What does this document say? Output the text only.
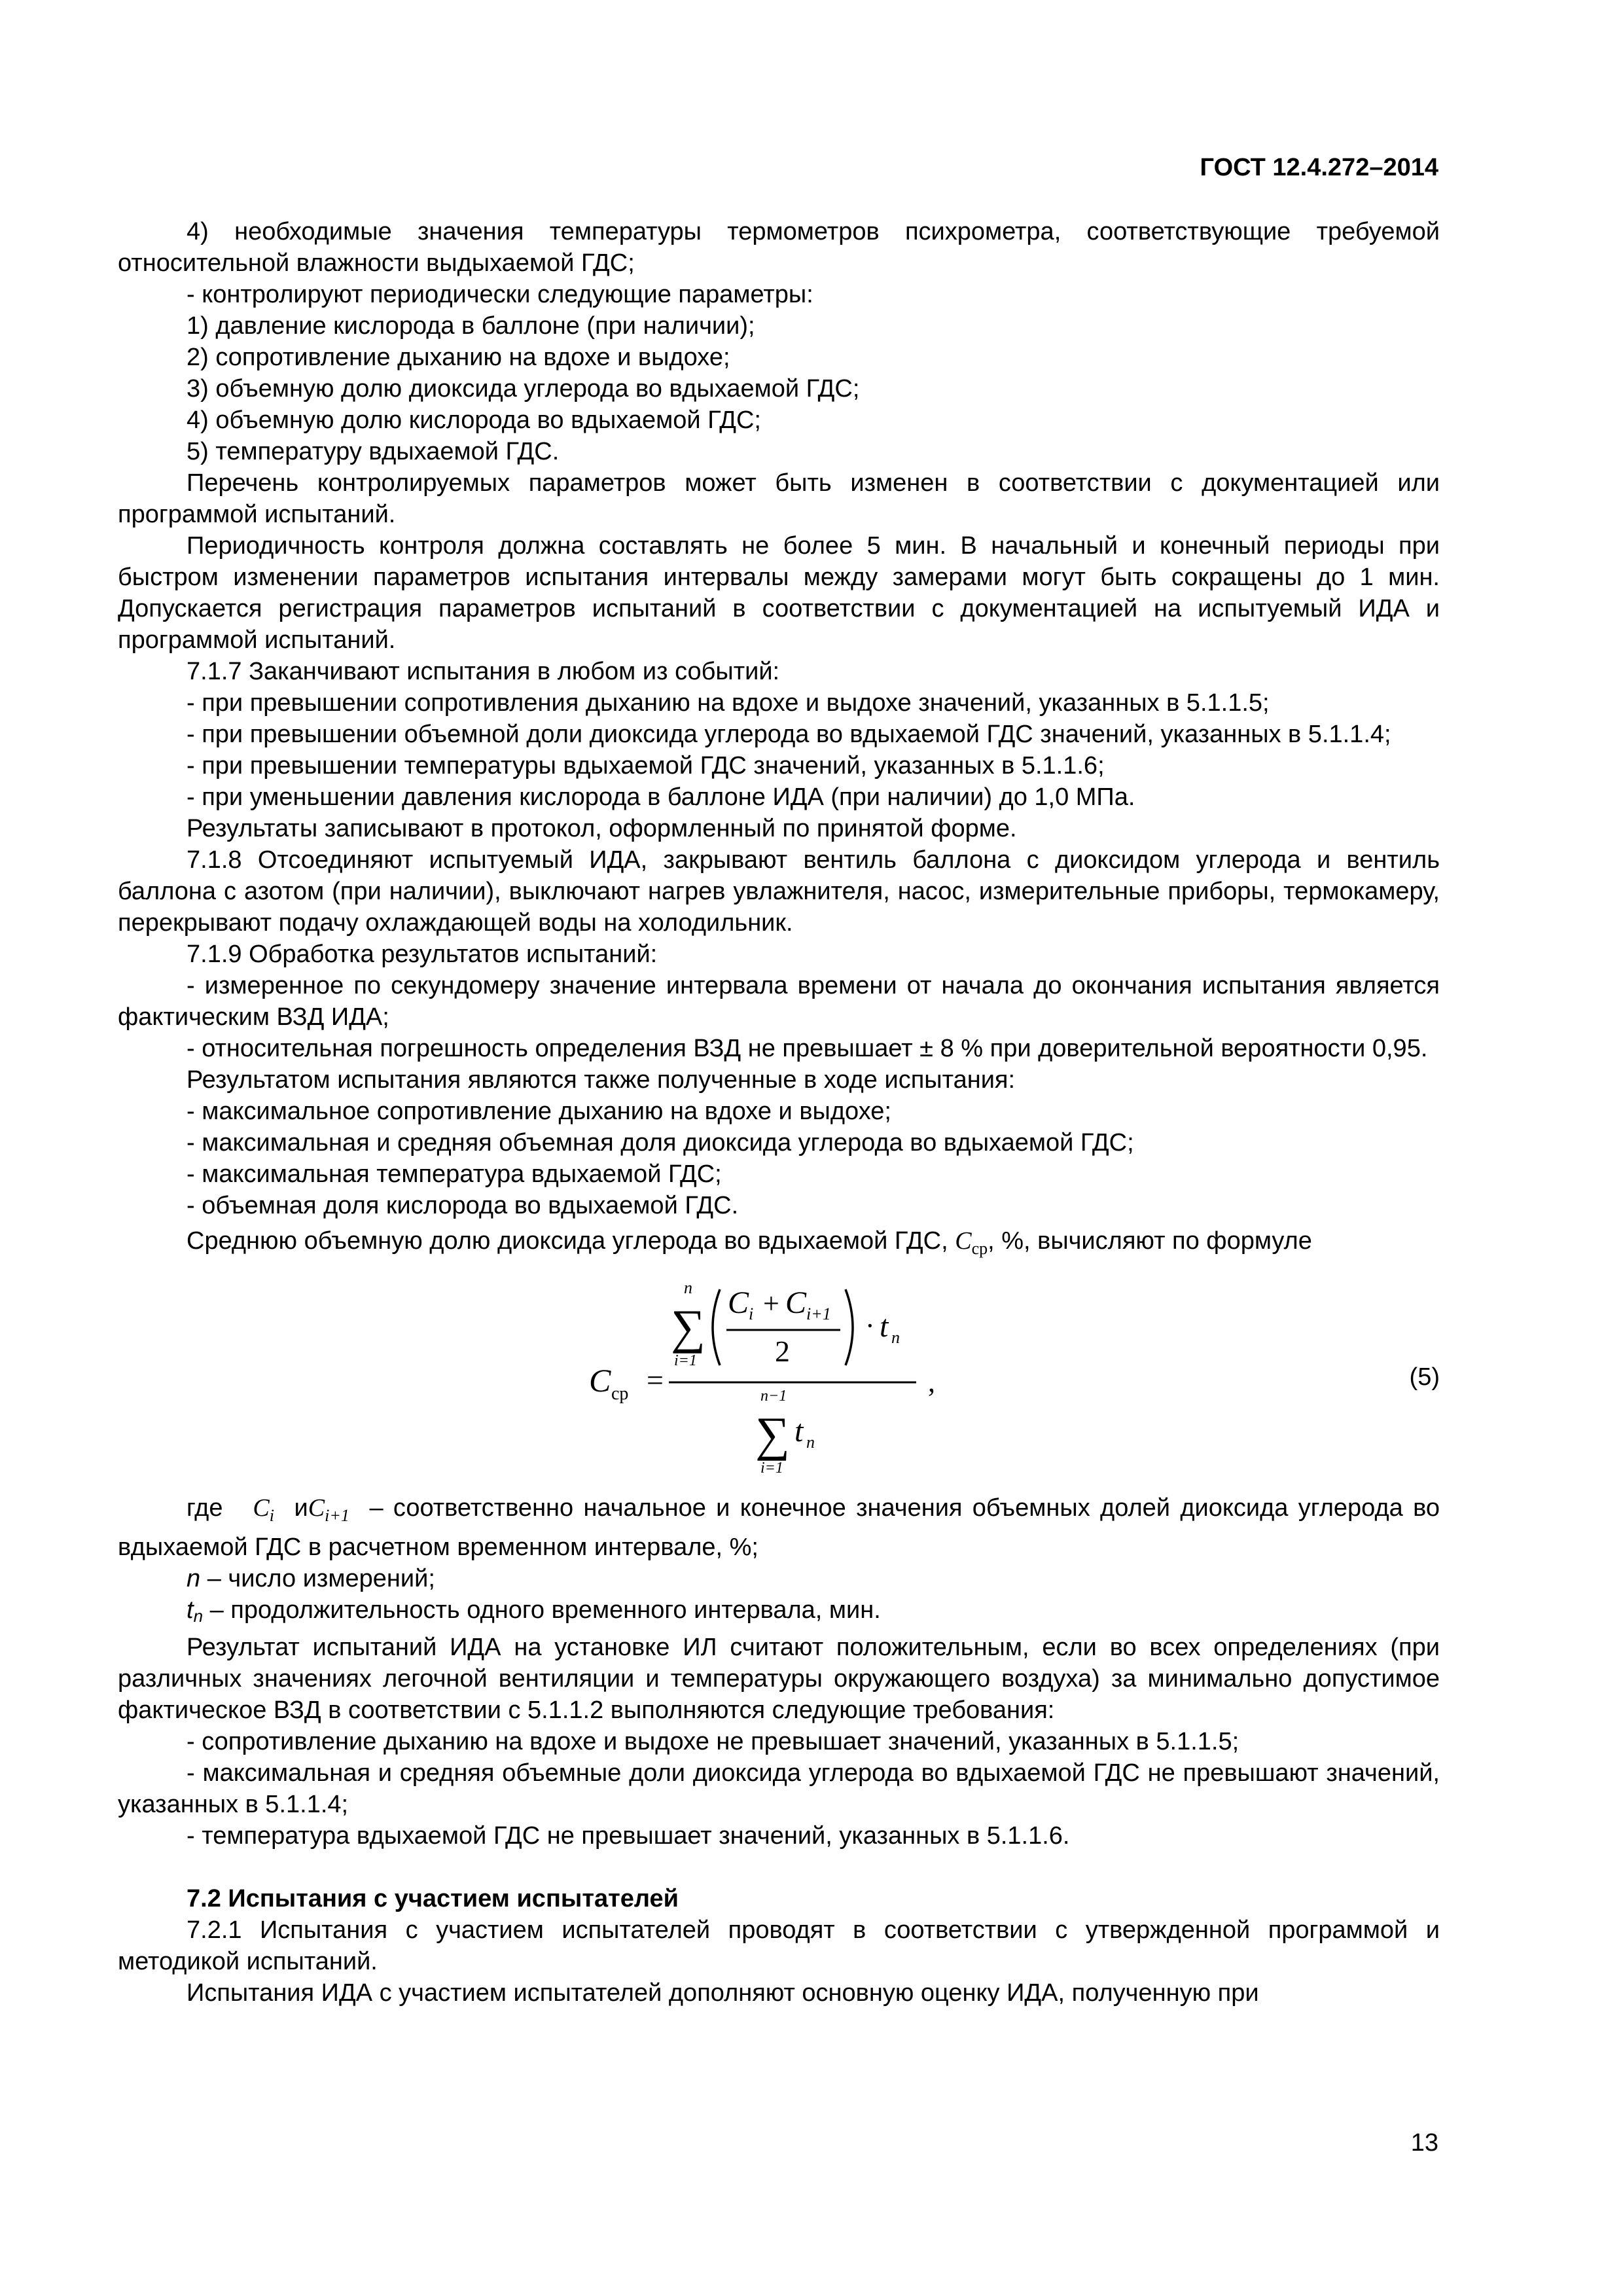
ГОСТ 12.4.272–2014

4) необходимые значения температуры термометров психрометра, соответствующие требуемой относительной влажности выдыхаемой ГДС;

- контролируют периодически следующие параметры:

1) давление кислорода в баллоне (при наличии);

2) сопротивление дыханию на вдохе и выдохе;

3) объемную долю диоксида углерода во вдыхаемой ГДС;

4) объемную долю кислорода во вдыхаемой ГДС;

5) температуру вдыхаемой ГДС.

Перечень контролируемых параметров может быть изменен в соответствии с документацией или программой испытаний.

Периодичность контроля должна составлять не более 5 мин. В начальный и конечный периоды при быстром изменении параметров испытания интервалы между замерами могут быть сокращены до 1 мин. Допускается регистрация параметров испытаний в соответствии с документацией на испытуемый ИДА и программой испытаний.

7.1.7 Заканчивают испытания в любом из событий:

- при превышении сопротивления дыханию на вдохе и выдохе значений, указанных в 5.1.1.5;

- при превышении объемной доли диоксида углерода во вдыхаемой ГДС значений, указанных в 5.1.1.4;

- при превышении температуры вдыхаемой ГДС значений, указанных в 5.1.1.6;

- при уменьшении давления кислорода в баллоне ИДА (при наличии) до 1,0 МПа.

Результаты записывают в протокол, оформленный по принятой форме.

7.1.8 Отсоединяют испытуемый ИДА, закрывают вентиль баллона с диоксидом углерода и вентиль баллона с азотом (при наличии), выключают нагрев увлажнителя, насос, измерительные приборы, термокамеру, перекрывают подачу охлаждающей воды на холодильник.

7.1.9 Обработка результатов испытаний:

- измеренное по секундомеру значение интервала времени от начала до окончания испытания является фактическим ВЗД ИДА;

- относительная погрешность определения ВЗД не превышает ± 8 % при доверительной вероятности 0,95.

Результатом испытания являются также полученные в ходе испытания:

- максимальное сопротивление дыханию на вдохе и выдохе;

- максимальная и средняя объемная доля диоксида углерода во вдыхаемой ГДС;

- максимальная температура вдыхаемой ГДС;

- объемная доля кислорода во вдыхаемой ГДС.

Среднюю объемную долю диоксида углерода во вдыхаемой ГДС, $C_{ср}$, %, вычисляют по формуле

C ср =
n
∑
i=1
C i + C i+1
2
· t n
n−1
∑
i=1
t n
,	(5)

где $C_i$ $иC_{i+1}$ – соответственно начальное и конечное значения объемных долей диоксида углерода во вдыхаемой ГДС в расчетном временном интервале, %;

n – число измерений;

tn – продолжительность одного временного интервала, мин.

Результат испытаний ИДА на установке ИЛ считают положительным, если во всех определениях (при различных значениях легочной вентиляции и температуры окружающего воздуха) за минимально допустимое фактическое ВЗД в соответствии с 5.1.1.2 выполняются следующие требования:

- сопротивление дыханию на вдохе и выдохе не превышает значений, указанных в 5.1.1.5;

- максимальная и средняя объемные доли диоксида углерода во вдыхаемой ГДС не превышают значений, указанных в 5.1.1.4;

- температура вдыхаемой ГДС не превышает значений, указанных в 5.1.1.6.

7.2 Испытания с участием испытателей

7.2.1 Испытания с участием испытателей проводят в соответствии с утвержденной программой и методикой испытаний.

Испытания ИДА с участием испытателей дополняют основную оценку ИДА, полученную при

13
